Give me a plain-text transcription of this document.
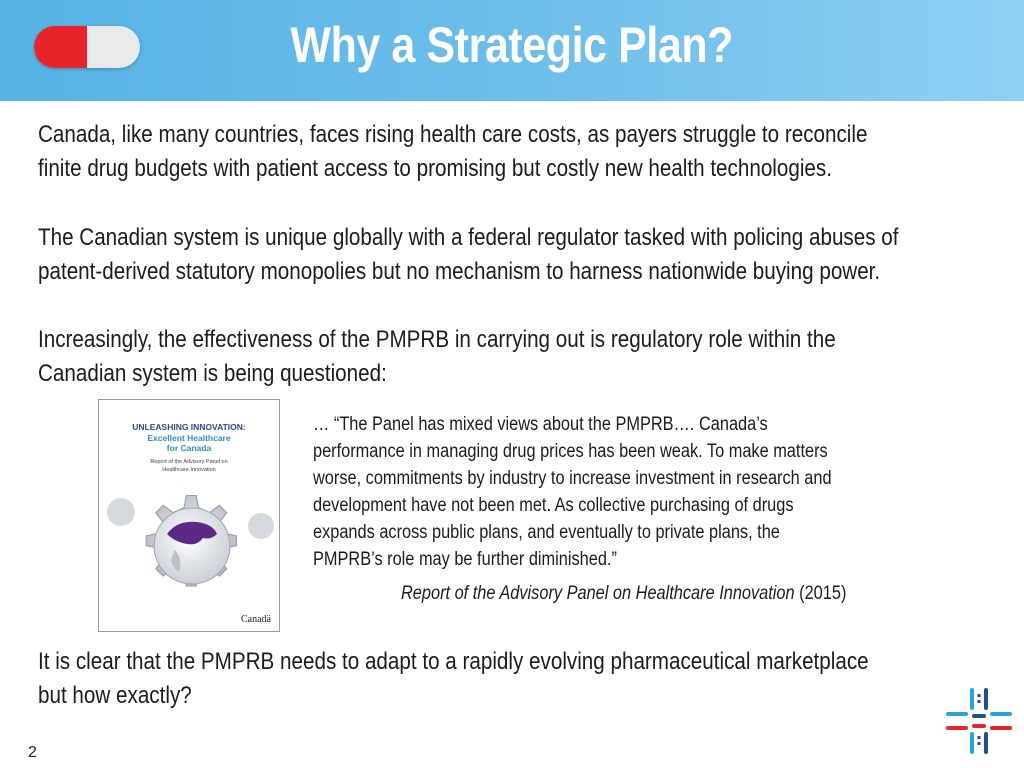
Why a Strategic Plan?
Canada, like many countries, faces rising health care costs, as payers struggle to reconcile
finite drug budgets with patient access to promising but costly new health technologies.
The Canadian system is unique globally with a federal regulator tasked with policing abuses of
patent-derived statutory monopolies but no mechanism to harness nationwide buying power.
Increasingly, the effectiveness of the PMPRB in carrying out is regulatory role within the
Canadian system is being questioned:
UNLEASHING INNOVATION:
Excellent Healthcare
for Canada
Report of the Advisory Panel on
Healthcare Innovation
Canadä
… “The Panel has mixed views about the PMPRB…. Canada’s
performance in managing drug prices has been weak. To make matters
worse, commitments by industry to increase investment in research and
development have not been met. As collective purchasing of drugs
expands across public plans, and eventually to private plans, the
PMPRB’s role may be further diminished.”
Report of the Advisory Panel on Healthcare Innovation (2015)
It is clear that the PMPRB needs to adapt to a rapidly evolving pharmaceutical marketplace
but how exactly?
2
